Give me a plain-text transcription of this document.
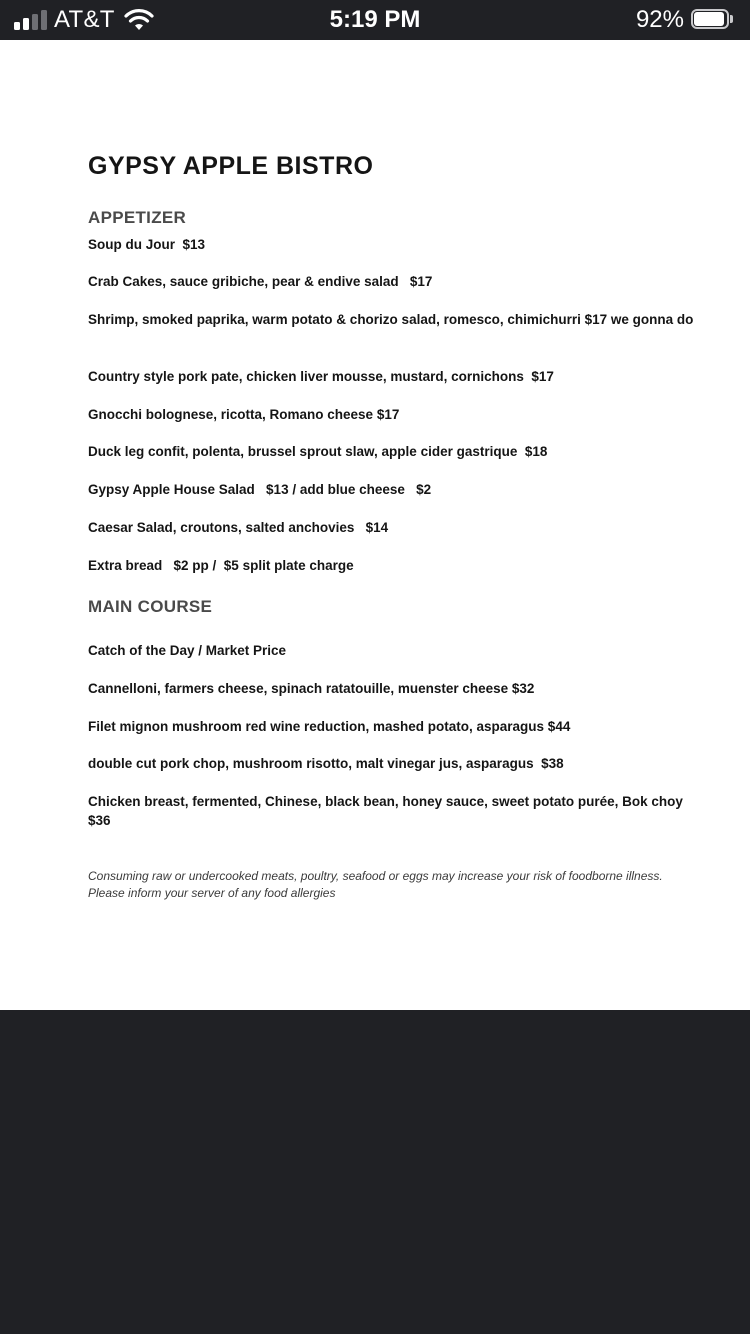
AT&T	5:19 PM	92%
GYPSY APPLE BISTRO
APPETIZER
Soup du Jour  $13
Crab Cakes, sauce gribiche, pear & endive salad   $17
Shrimp, smoked paprika, warm potato & chorizo salad, romesco, chimichurri $17 we gonna do
Country style pork pate, chicken liver mousse, mustard, cornichons  $17
Gnocchi bolognese, ricotta, Romano cheese $17
Duck leg confit, polenta, brussel sprout slaw, apple cider gastrique  $18
Gypsy Apple House Salad   $13 / add blue cheese   $2
Caesar Salad, croutons, salted anchovies   $14
Extra bread   $2 pp /  $5 split plate charge
MAIN COURSE
Catch of the Day / Market Price
Cannelloni, farmers cheese, spinach ratatouille, muenster cheese $32
Filet mignon mushroom red wine reduction, mashed potato, asparagus $44
double cut pork chop, mushroom risotto, malt vinegar jus, asparagus  $38
Chicken breast, fermented, Chinese, black bean, honey sauce, sweet potato purée, Bok choy  $36
Consuming raw or undercooked meats, poultry, seafood or eggs may increase your risk of foodborne illness. Please inform your server of any food allergies
